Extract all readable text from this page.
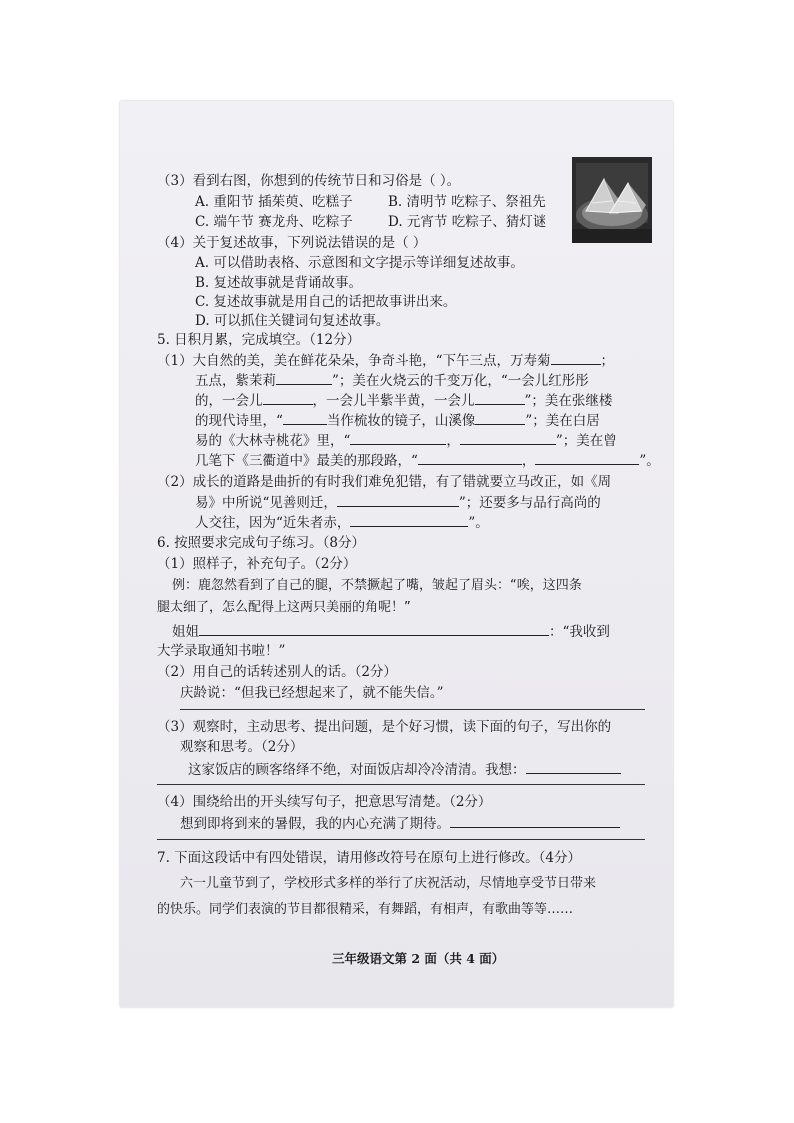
（3）看到右图，你想到的传统节日和习俗是（ ）。
A. 重阳节 插茱萸、吃糕子	B. 清明节 吃粽子、祭祖先
C. 端午节 赛龙舟、吃粽子	D. 元宵节 吃粽子、猜灯谜
（4）关于复述故事，下列说法错误的是（ ）
A. 可以借助表格、示意图和文字提示等详细复述故事。
B. 复述故事就是背诵故事。
C. 复述故事就是用自己的话把故事讲出来。
D. 可以抓住关键词句复述故事。
5. 日积月累，完成填空。（12分）
（1）大自然的美，美在鲜花朵朵，争奇斗艳，“下午三点，万寿菊	；
五点，紫茉莉	”；美在火烧云的千变万化，“一会儿红彤彤
的，一会儿	，一会儿半紫半黄，一会儿	”；美在张继楼
的现代诗里，“	当作梳妆的镜子，山溪像	”；美在白居
易的《大林寺桃花》里，“	，	”；美在曾
几笔下《三衢道中》最美的那段路，“	，	”。
（2）成长的道路是曲折的有时我们难免犯错，有了错就要立马改正，如《周
易》中所说“见善则迁，	”；还要多与品行高尚的
人交往，因为“近朱者赤，	”。
6. 按照要求完成句子练习。（8分）
（1）照样子，补充句子。（2分）
例：鹿忽然看到了自己的腿，不禁撅起了嘴，皱起了眉头：“唉，这四条
腿太细了，怎么配得上这两只美丽的角呢！”
姐姐	：“我收到
大学录取通知书啦！”
（2）用自己的话转述别人的话。（2分）
庆龄说：“但我已经想起来了，就不能失信。”
（3）观察时，主动思考、提出问题，是个好习惯，读下面的句子，写出你的
观察和思考。（2分）
这家饭店的顾客络绎不绝，对面饭店却冷冷清清。我想：
（4）围绕给出的开头续写句子，把意思写清楚。（2分）
想到即将到来的暑假，我的内心充满了期待。
7. 下面这段话中有四处错误，请用修改符号在原句上进行修改。（4分）
六一儿童节到了，学校形式多样的举行了庆祝活动，尽情地享受节日带来
的快乐。同学们表演的节目都很精采，有舞蹈，有相声，有歌曲等等……
三年级语文第 2 面（共 4 面）
